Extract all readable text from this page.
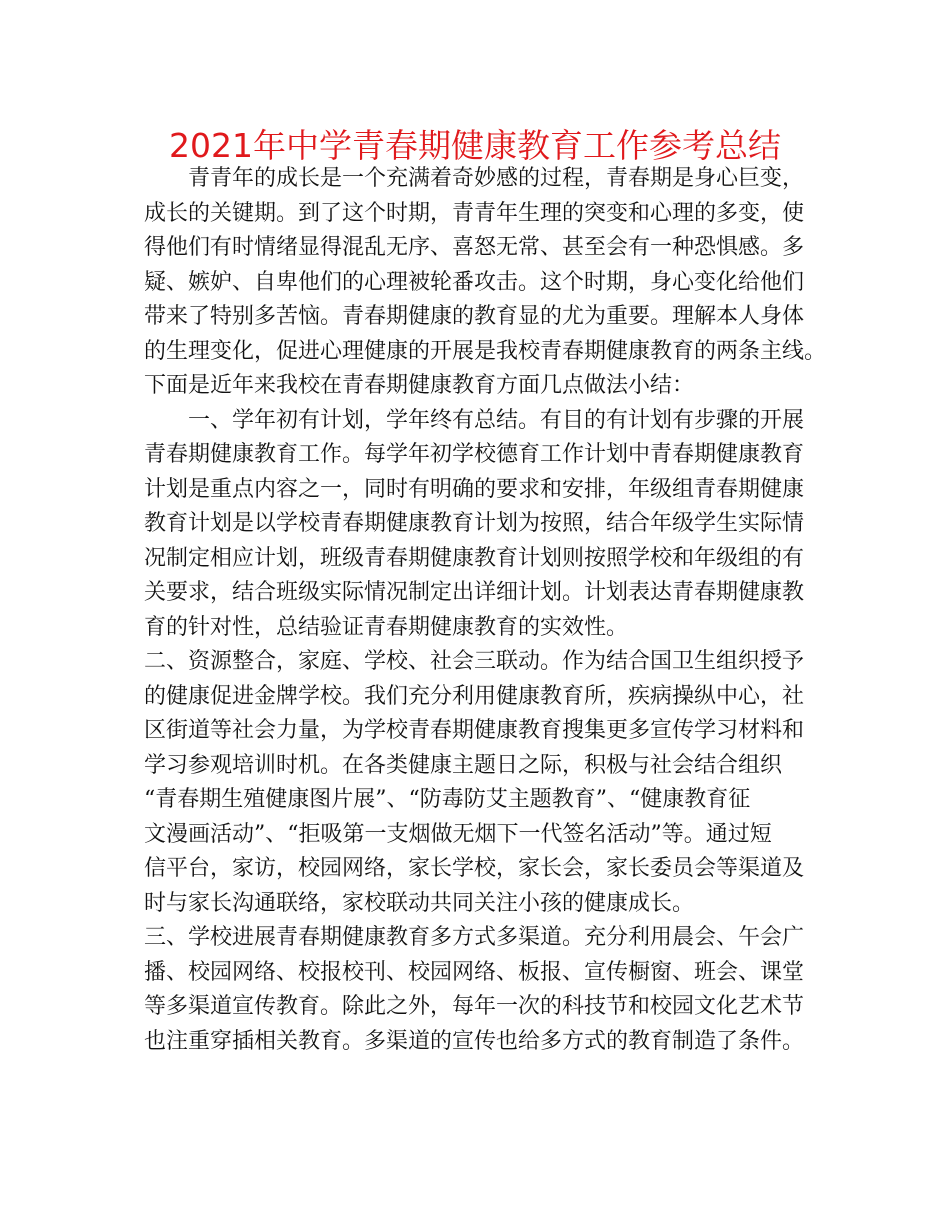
2021年中学青春期健康教育工作参考总结
　　青青年的成长是一个充满着奇妙感的过程，青春期是身心巨变，
成长的关键期。到了这个时期，青青年生理的突变和心理的多变，使
得他们有时情绪显得混乱无序、喜怒无常、甚至会有一种恐惧感。多
疑、嫉妒、自卑他们的心理被轮番攻击。这个时期，身心变化给他们
带来了特别多苦恼。青春期健康的教育显的尤为重要。理解本人身体
的生理变化，促进心理健康的开展是我校青春期健康教育的两条主线。
下面是近年来我校在青春期健康教育方面几点做法小结：
　　一、学年初有计划，学年终有总结。有目的有计划有步骤的开展
青春期健康教育工作。每学年初学校德育工作计划中青春期健康教育
计划是重点内容之一，同时有明确的要求和安排，年级组青春期健康
教育计划是以学校青春期健康教育计划为按照，结合年级学生实际情
况制定相应计划，班级青春期健康教育计划则按照学校和年级组的有
关要求，结合班级实际情况制定出详细计划。计划表达青春期健康教
育的针对性，总结验证青春期健康教育的实效性。
二、资源整合，家庭、学校、社会三联动。作为结合国卫生组织授予
的健康促进金牌学校。我们充分利用健康教育所，疾病操纵中心，社
区街道等社会力量，为学校青春期健康教育搜集更多宣传学习材料和
学习参观培训时机。在各类健康主题日之际，积极与社会结合组织
“青春期生殖健康图片展”、“防毒防艾主题教育”、“健康教育征
文漫画活动”、“拒吸第一支烟做无烟下一代签名活动”等。通过短
信平台，家访，校园网络，家长学校，家长会，家长委员会等渠道及
时与家长沟通联络，家校联动共同关注小孩的健康成长。
三、学校进展青春期健康教育多方式多渠道。充分利用晨会、午会广
播、校园网络、校报校刊、校园网络、板报、宣传橱窗、班会、课堂
等多渠道宣传教育。除此之外，每年一次的科技节和校园文化艺术节
也注重穿插相关教育。多渠道的宣传也给多方式的教育制造了条件。
